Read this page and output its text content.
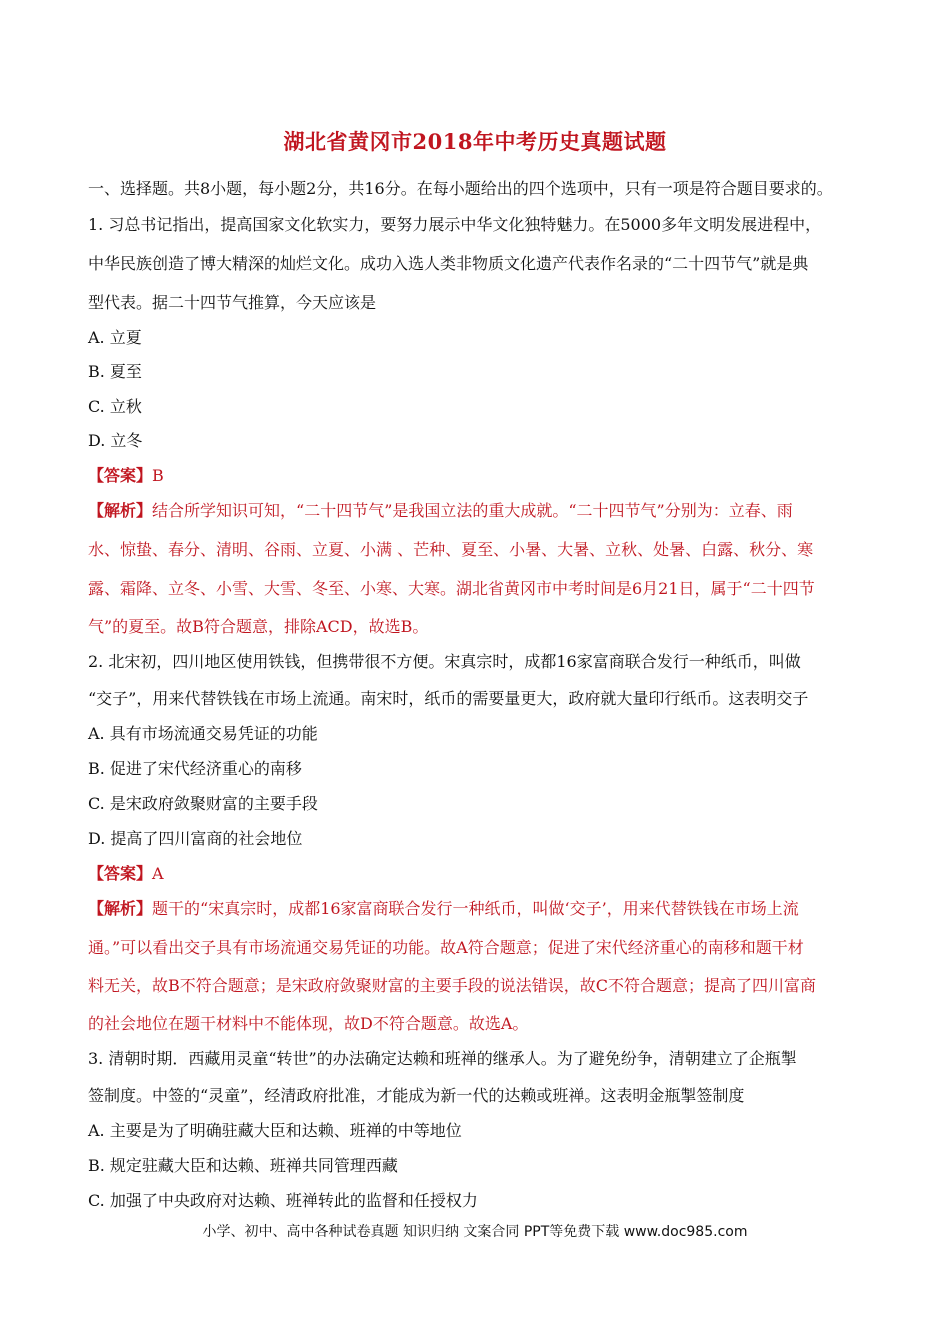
湖北省黄冈市2018年中考历史真题试题
一、选择题。共8小题，每小题2分，共16分。在每小题给出的四个选项中，只有一项是符合题目要求的。
1. 习总书记指出，提高国家文化软实力，要努力展示中华文化独特魅力。在5000多年文明发展进程中，
中华民族创造了博大精深的灿烂文化。成功入选人类非物质文化遗产代表作名录的“二十四节气”就是典
型代表。据二十四节气推算，今天应该是
A. 立夏
B. 夏至
C. 立秋
D. 立冬
【答案】B
【解析】结合所学知识可知，“二十四节气”是我国立法的重大成就。“二十四节气”分别为：立春、雨
水、惊蛰、春分、清明、谷雨、立夏、小满 、芒种、夏至、小暑、大暑、立秋、处暑、白露、秋分、寒
露、霜降、立冬、小雪、大雪、冬至、小寒、大寒。湖北省黄冈市中考时间是6月21日，属于“二十四节
气”的夏至。故B符合题意，排除ACD，故选B。
2. 北宋初，四川地区使用铁钱，但携带很不方便。宋真宗时，成都16家富商联合发行一种纸币，叫做
“交子”，用来代替铁钱在市场上流通。南宋时，纸币的需要量更大，政府就大量印行纸币。这表明交子
A. 具有市场流通交易凭证的功能
B. 促进了宋代经济重心的南移
C. 是宋政府敛聚财富的主要手段
D. 提高了四川富商的社会地位
【答案】A
【解析】题干的“宋真宗时，成都16家富商联合发行一种纸币，叫做‘交子’，用来代替铁钱在市场上流
通。”可以看出交子具有市场流通交易凭证的功能。故A符合题意；促进了宋代经济重心的南移和题干材
料无关，故B不符合题意；是宋政府敛聚财富的主要手段的说法错误，故C不符合题意；提高了四川富商
的社会地位在题干材料中不能体现，故D不符合题意。故选A。
3. 清朝时期．西藏用灵童“转世”的办法确定达赖和班禅的继承人。为了避免纷争，清朝建立了企瓶掣
签制度。中签的“灵童”，经清政府批准，才能成为新一代的达赖或班禅。这表明金瓶掣签制度
A. 主要是为了明确驻藏大臣和达赖、班禅的中等地位
B. 规定驻藏大臣和达赖、班禅共同管理西藏
C. 加强了中央政府对达赖、班禅转此的监督和任授权力
小学、初中、高中各种试卷真题 知识归纳 文案合同 PPT等免费下载 www.doc985.com
